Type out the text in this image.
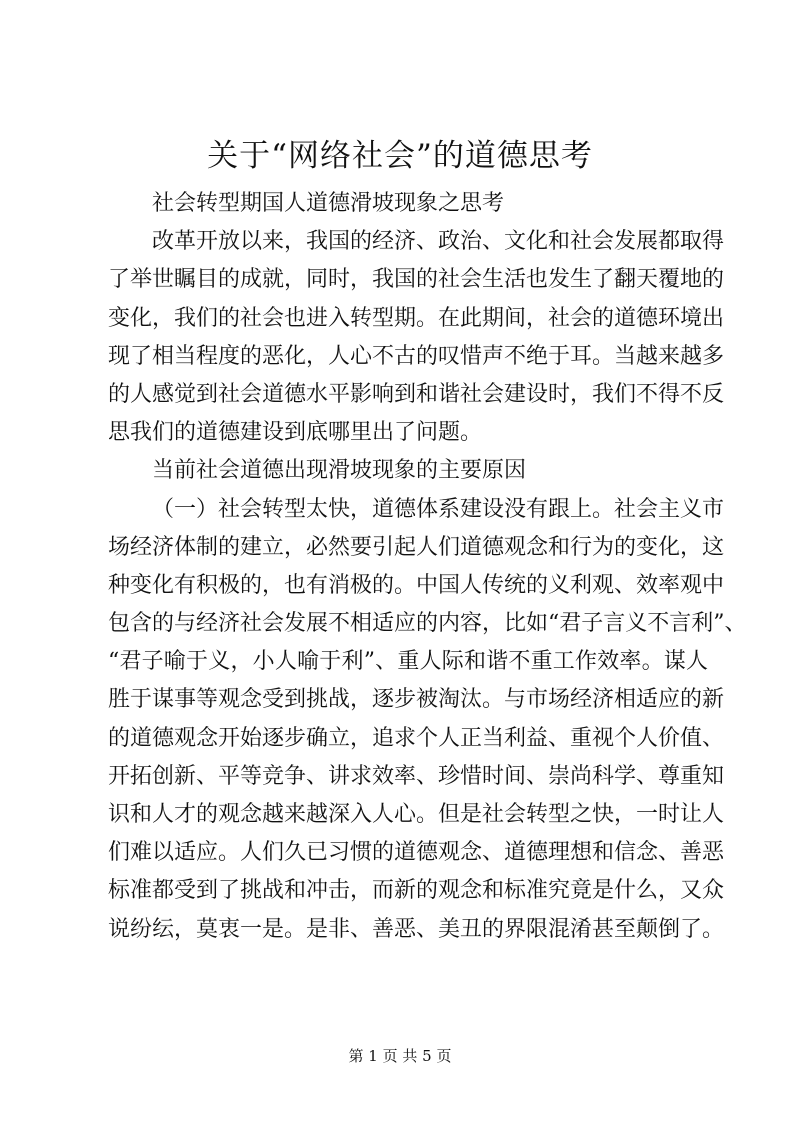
关于“网络社会”的道德思考
社会转型期国人道德滑坡现象之思考
改革开放以来，我国的经济、政治、文化和社会发展都取得
了举世瞩目的成就，同时，我国的社会生活也发生了翻天覆地的
变化，我们的社会也进入转型期。在此期间，社会的道德环境出
现了相当程度的恶化，人心不古的叹惜声不绝于耳。当越来越多
的人感觉到社会道德水平影响到和谐社会建设时，我们不得不反
思我们的道德建设到底哪里出了问题。
当前社会道德出现滑坡现象的主要原因
（一）社会转型太快，道德体系建设没有跟上。社会主义市
场经济体制的建立，必然要引起人们道德观念和行为的变化，这
种变化有积极的，也有消极的。中国人传统的义利观、效率观中
包含的与经济社会发展不相适应的内容，比如“君子言义不言利”、
“君子喻于义，小人喻于利”、重人际和谐不重工作效率。谋人
胜于谋事等观念受到挑战，逐步被淘汰。与市场经济相适应的新
的道德观念开始逐步确立，追求个人正当利益、重视个人价值、
开拓创新、平等竞争、讲求效率、珍惜时间、崇尚科学、尊重知
识和人才的观念越来越深入人心。但是社会转型之快，一时让人
们难以适应。人们久已习惯的道德观念、道德理想和信念、善恶
标准都受到了挑战和冲击，而新的观念和标准究竟是什么，又众
说纷纭，莫衷一是。是非、善恶、美丑的界限混淆甚至颠倒了。
第 1 页 共 5 页
